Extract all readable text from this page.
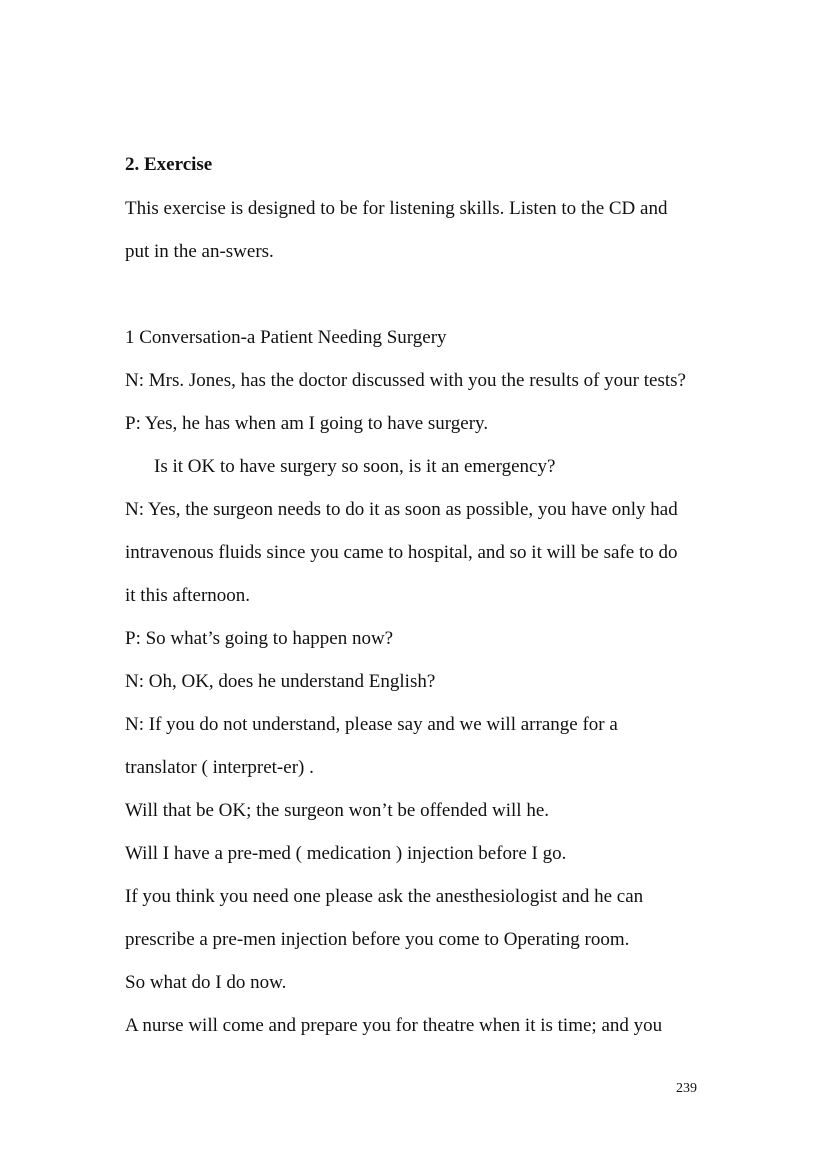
2. Exercise
This exercise is designed to be for listening skills. Listen to the CD and
put in the an-swers.
1 Conversation-a Patient Needing Surgery
N: Mrs. Jones, has the doctor discussed with you the results of your tests?
P: Yes, he has when am I going to have surgery.
Is it OK to have surgery so soon, is it an emergency?
N: Yes, the surgeon needs to do it as soon as possible, you have only had
intravenous fluids since you came to hospital, and so it will be safe to do
it this afternoon.
P: So what’s going to happen now?
N: Oh, OK, does he understand English?
N: If you do not understand, please say and we will arrange for a
translator ( interpret-er) .
Will that be OK; the surgeon won’t be offended will he.
Will I have a pre-med ( medication ) injection before I go.
If you think you need one please ask the anesthesiologist and he can
prescribe a pre-men injection before you come to Operating room.
So what do I do now.
A nurse will come and prepare you for theatre when it is time; and you
239
